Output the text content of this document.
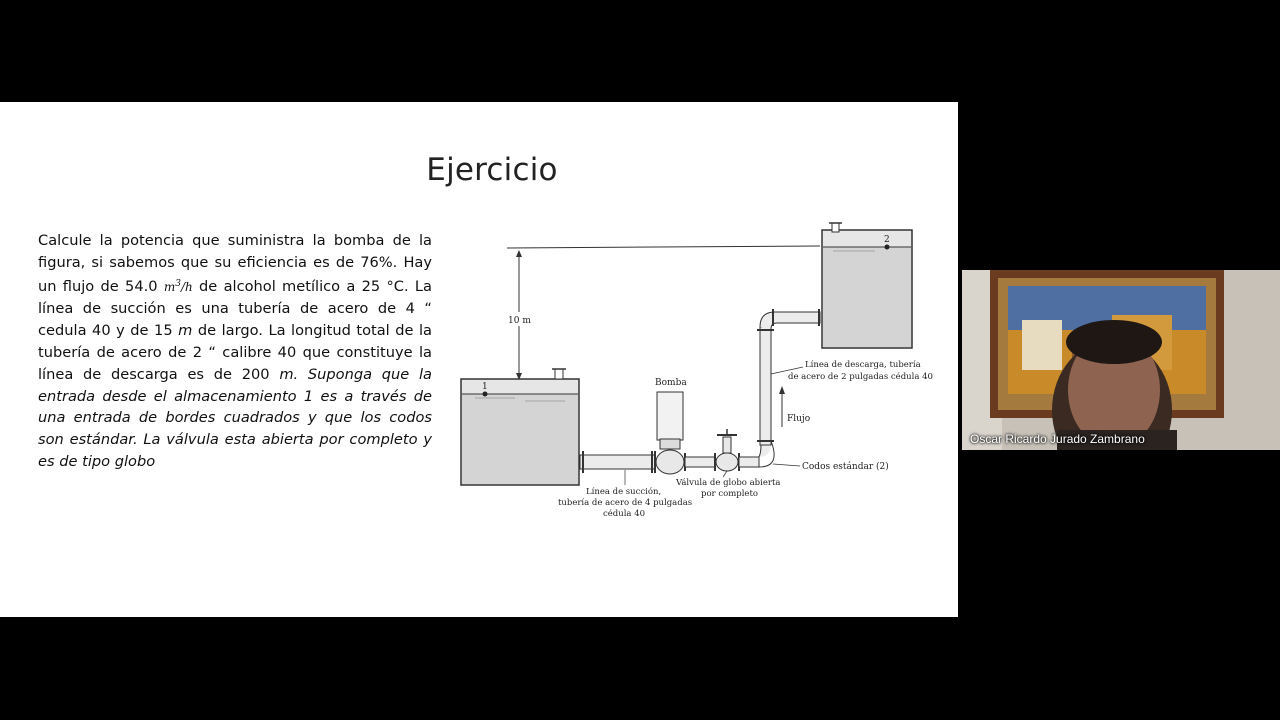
Ejercicio
Calcule la potencia que suministra la bomba de la figura, si sabemos que su eficiencia es de 76%. Hay un flujo de 54.0 $m^3/h$ de alcohol metílico a 25 °C. La línea de succión es una tubería de acero de 4 “ cedula 40 y de 15 m de largo. La longitud total de la tubería de acero de 2 “ calibre 40 que constituye la línea de descarga es de 200 m. Suponga que la entrada desde el almacenamiento 1 es a través de una entrada de bordes cuadrados y que los codos son estándar. La válvula esta abierta por completo y es de tipo globo
10 m
1
2
Bomba
Flujo
Codos estándar (2)
Línea de descarga, tubería
de acero de 2 pulgadas cédula 40
Válvula de globo abierta
por completo
Línea de succión,
tubería de acero de 4 pulgadas
cédula 40
Oscar Ricardo Jurado Zambrano
